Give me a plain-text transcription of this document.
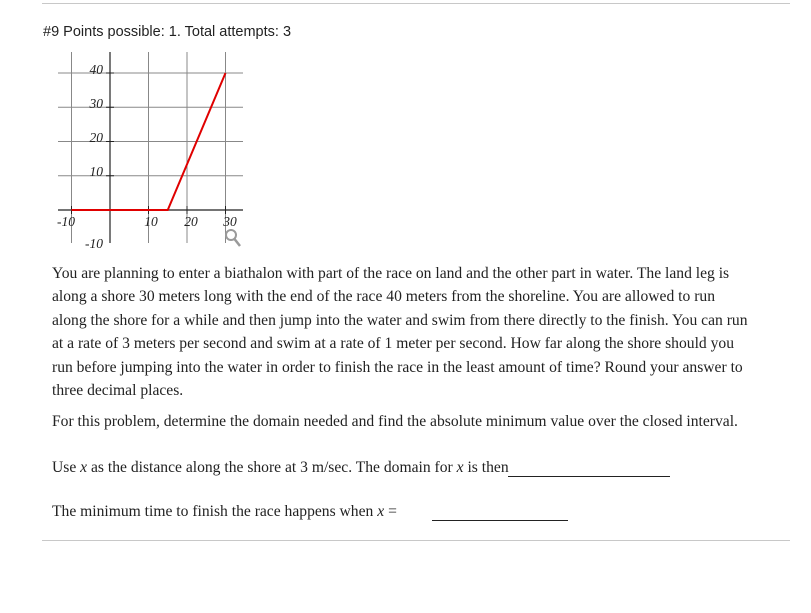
#9 Points possible: 1. Total attempts: 3
-10	10 20 30
40
30
20
10
-10
You are planning to enter a biathalon with part of the race on land and the other part in water. The land leg is along a shore 30 meters long with the end of the race 40 meters from the shoreline. You are allowed to run along the shore for a while and then jump into the water and swim from there directly to the finish. You can run at a rate of 3 meters per second and swim at a rate of 1 meter per second. How far along the shore should you run before jumping into the water in order to finish the race in the least amount of time? Round your answer to three decimal places.
For this problem, determine the domain needed and find the absolute minimum value over the closed interval.
Use x as the distance along the shore at 3 m/sec. The domain for x is then
The minimum time to finish the race happens when x =
